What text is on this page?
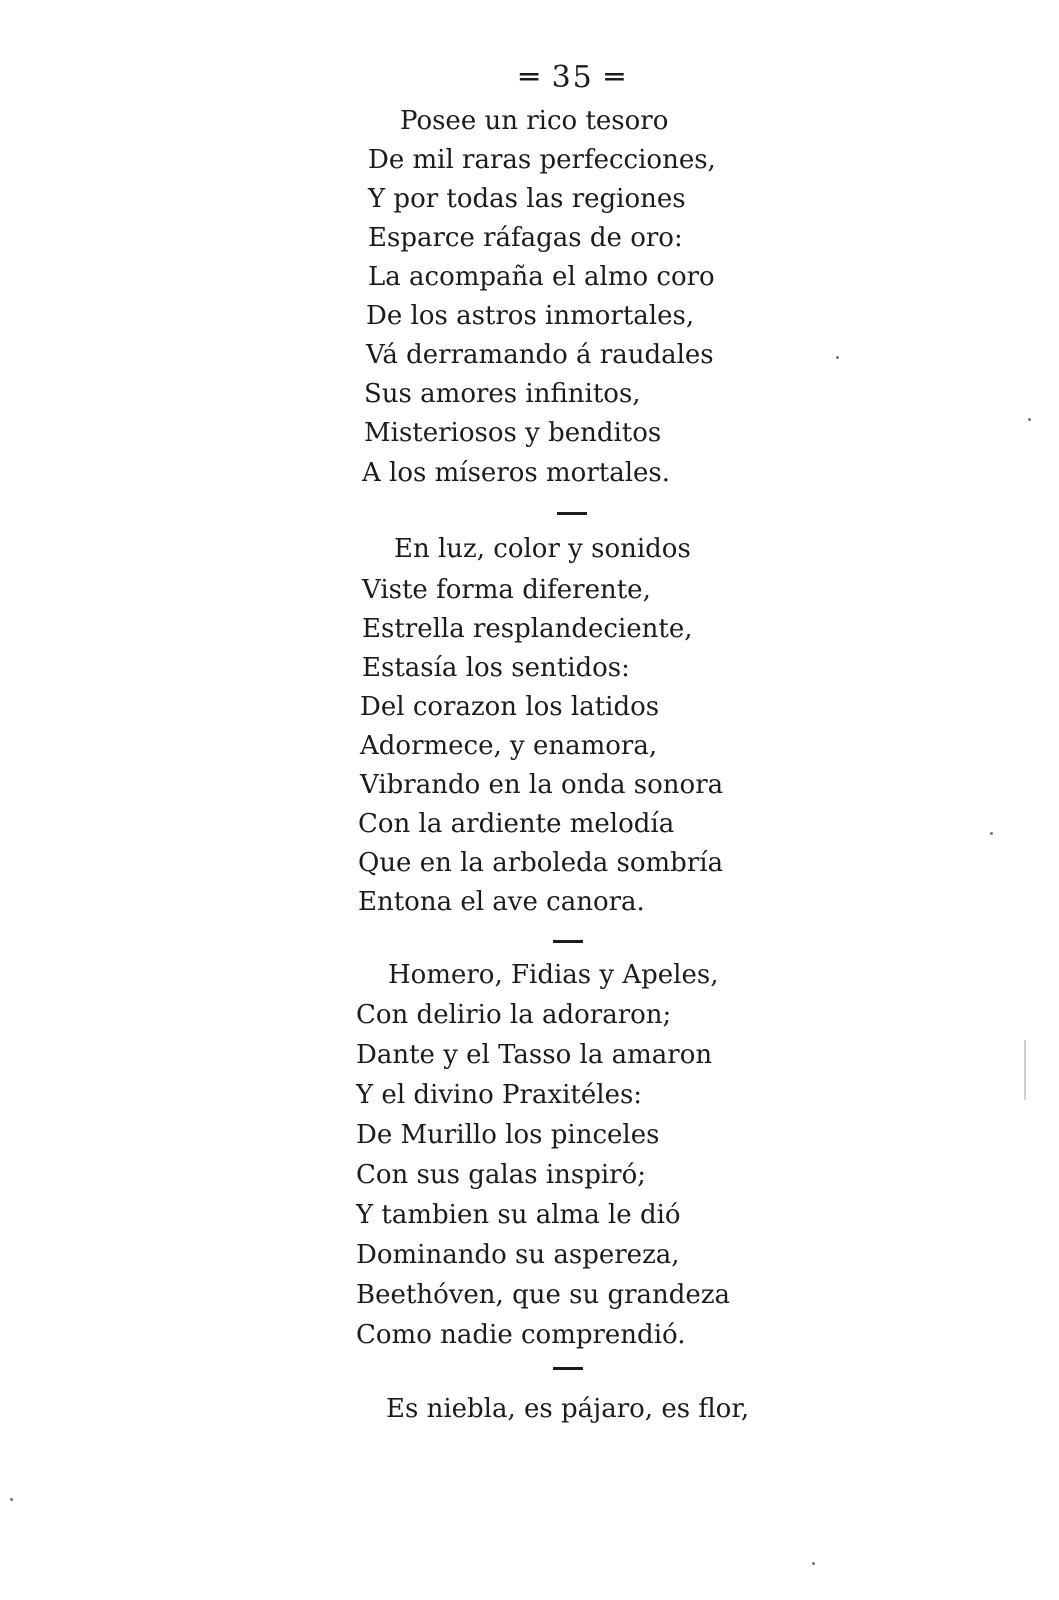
═ 35 ═
Posee un rico tesoro
De mil raras perfecciones,
Y por todas las regiones
Esparce ráfagas de oro:
La acompaña el almo coro
De los astros inmortales,
Vá derramando á raudales
Sus amores infinitos,
Misteriosos y benditos
A los míseros mortales.
En luz, color y sonidos
Viste forma diferente,
Estrella resplandeciente,
Estasía los sentidos:
Del corazon los latidos
Adormece, y enamora,
Vibrando en la onda sonora
Con la ardiente melodía
Que en la arboleda sombría
Entona el ave canora.
Homero, Fidias y Apeles,
Con delirio la adoraron;
Dante y el Tasso la amaron
Y el divino Praxitéles:
De Murillo los pinceles
Con sus galas inspiró;
Y tambien su alma le dió
Dominando su aspereza,
Beethóven, que su grandeza
Como nadie comprendió.
Es niebla, es pájaro, es flor,
